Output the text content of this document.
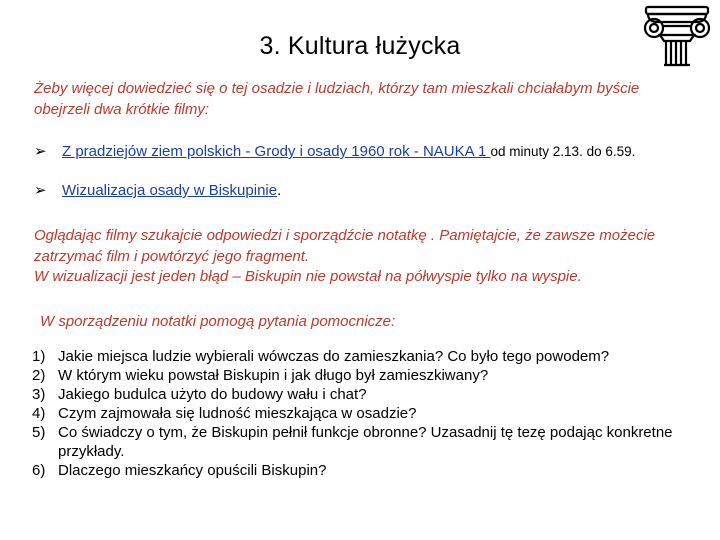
3. Kultura łużycka
Żeby więcej dowiedzieć się o tej osadzie i ludziach, którzy tam mieszkali chciałabym byście obejrzeli dwa krótkie filmy:
➢ Z pradziejów ziem polskich - Grody i osady 1960 rok - NAUKA 1 od minuty 2.13. do 6.59.
➢ Wizualizacja osady w Biskupinie.
Oglądając filmy szukajcie odpowiedzi i sporządźcie notatkę . Pamiętajcie, że zawsze możecie zatrzymać film i powtórzyć jego fragment.
W wizualizacji jest jeden błąd – Biskupin nie powstał na półwyspie tylko na wyspie.
W sporządzeniu notatki pomogą pytania pomocnicze:
1) Jakie miejsca ludzie wybierali wówczas do zamieszkania? Co było tego powodem?
2) W którym wieku powstał Biskupin i jak długo był zamieszkiwany?
3) Jakiego budulca użyto do budowy wału i chat?
4) Czym zajmowała się ludność mieszkająca w osadzie?
5) Co świadczy o tym, że Biskupin pełnił funkcje obronne? Uzasadnij tę tezę podając konkretne przykłady.
6) Dlaczego mieszkańcy opuścili Biskupin?
